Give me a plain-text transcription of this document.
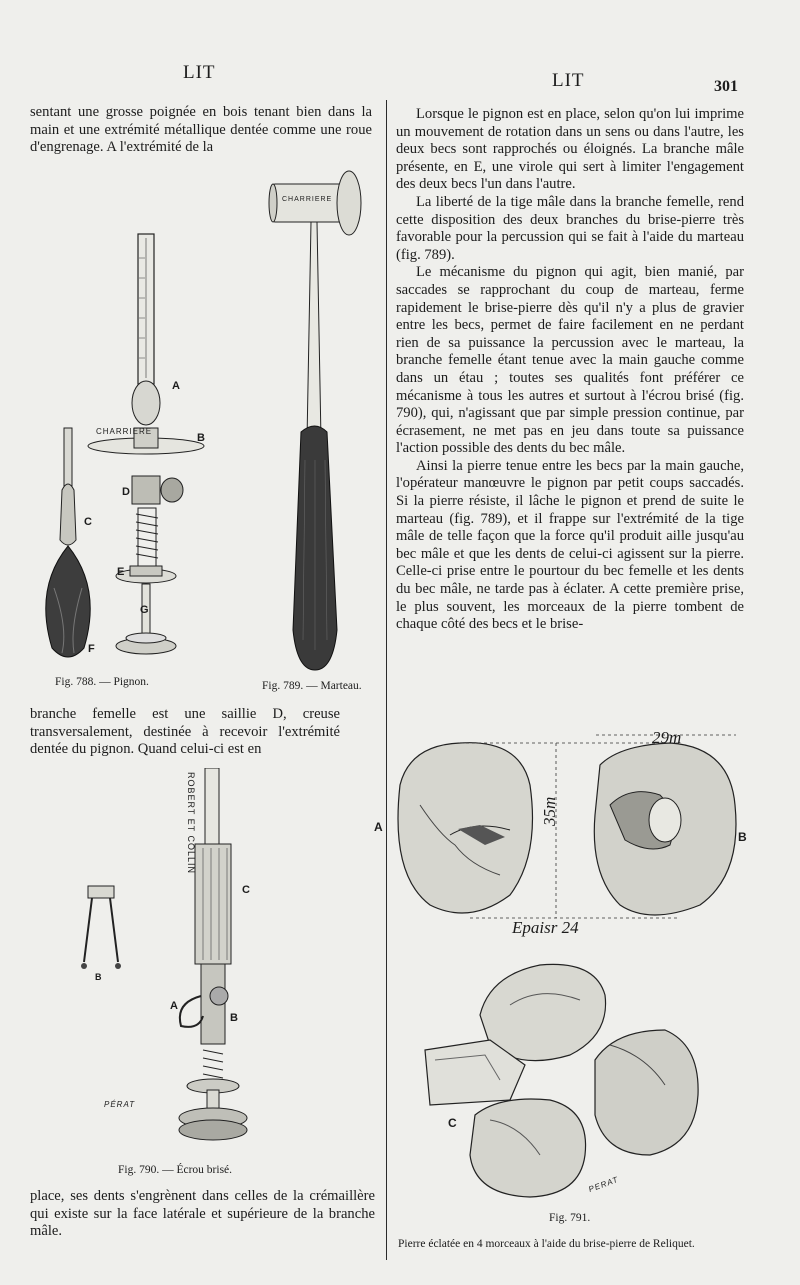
LIT	LIT	301

sentant une grosse poignée en bois tenant bien dans la main et une extrémité métallique dentée comme une roue d'engrenage. A l'extrémité de la

CHARRIERE
A
B
C
D
E
F
G
CHARRIERE
Fig. 788. — Pignon.	Fig. 789. — Marteau.

branche femelle est une saillie D, creuse transversalement, destinée à recevoir l'extrémité dentée du pignon. Quand celui-ci est en

ROBERT ET COLLIN
C
A
B
B
PÉRAT
Fig. 790. — Écrou brisé.

place, ses dents s'engrènent dans celles de la crémaillère qui existe sur la face latérale et supérieure de la branche mâle.

Lorsque le pignon est en place, selon qu'on lui imprime un mouvement de rotation dans un sens ou dans l'autre, les deux becs sont rapprochés ou éloignés. La branche mâle présente, en E, une virole qui sert à limiter l'engagement des deux becs l'un dans l'autre.

La liberté de la tige mâle dans la branche femelle, rend cette disposition des deux branches du brise-pierre très favorable pour la percussion qui se fait à l'aide du marteau (fig. 789).

Le mécanisme du pignon qui agit, bien manié, par saccades se rapprochant du coup de marteau, ferme rapidement le brise-pierre dès qu'il n'y a plus de gravier entre les becs, permet de faire facilement en ne perdant rien de sa puissance la percussion avec le marteau, la branche femelle étant tenue avec la main gauche comme dans un étau ; toutes ses qualités font préférer ce mécanisme à tous les autres et surtout à l'écrou brisé (fig. 790), qui, n'agissant que par simple pression continue, par écrasement, ne met pas en jeu dans toute sa puissance l'action possible des dents du bec mâle.

Ainsi la pierre tenue entre les becs par la main gauche, l'opérateur manœuvre le pignon par petit coups saccadés. Si la pierre résiste, il lâche le pignon et prend de suite le marteau (fig. 789), et il frappe sur l'extrémité de la tige mâle de telle façon que la force qu'il produit aille jusqu'au bec mâle et que les dents de celui-ci agissent sur la pierre. Celle-ci prise entre le pourtour du bec femelle et les dents du bec mâle, ne tarde pas à éclater. A cette première prise, le plus souvent, les morceaux de la pierre tombent de chaque côté des becs et le brise-

A
B
C
29m
35m
Epaisr 24
PERAT
Fig. 791.
Pierre éclatée en 4 morceaux à l'aide du brise-pierre de Reliquet.
